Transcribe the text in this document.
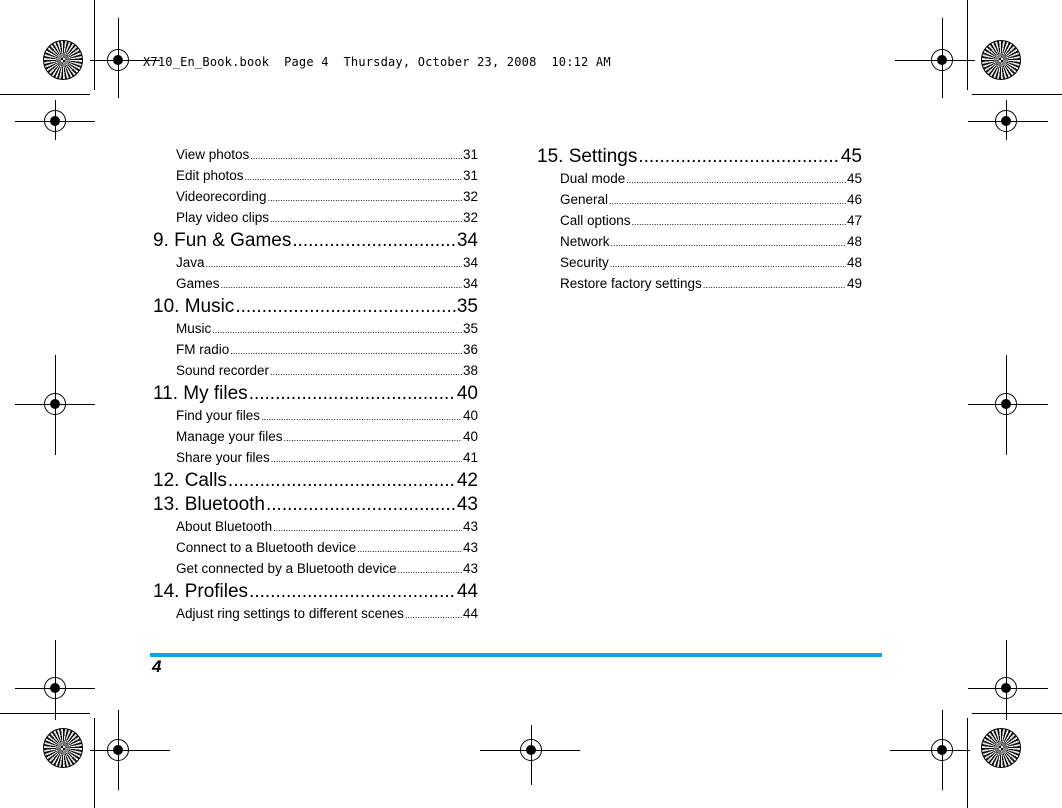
X710_En_Book.book  Page 4  Thursday, October 23, 2008  10:12 AM
View photos .....	31
Edit photos .....	31
Videorecording .....	32
Play video clips .....	32
9. Fun & Games .....	34
Java .....	34
Games .....	34
10. Music .....	35
Music .....	35
FM radio .....	36
Sound recorder .....	38
11. My files .....	40
Find your files .....	40
Manage your files .....	40
Share your files .....	41
12. Calls .....	42
13. Bluetooth .....	43
About Bluetooth .....	43
Connect to a Bluetooth device .....	43
Get connected by a Bluetooth device .....	43
14. Profiles .....	44
Adjust ring settings to different scenes .....	44
15. Settings .....	45
Dual mode .....	45
General .....	46
Call options .....	47
Network .....	48
Security .....	48
Restore factory settings .....	49
4
